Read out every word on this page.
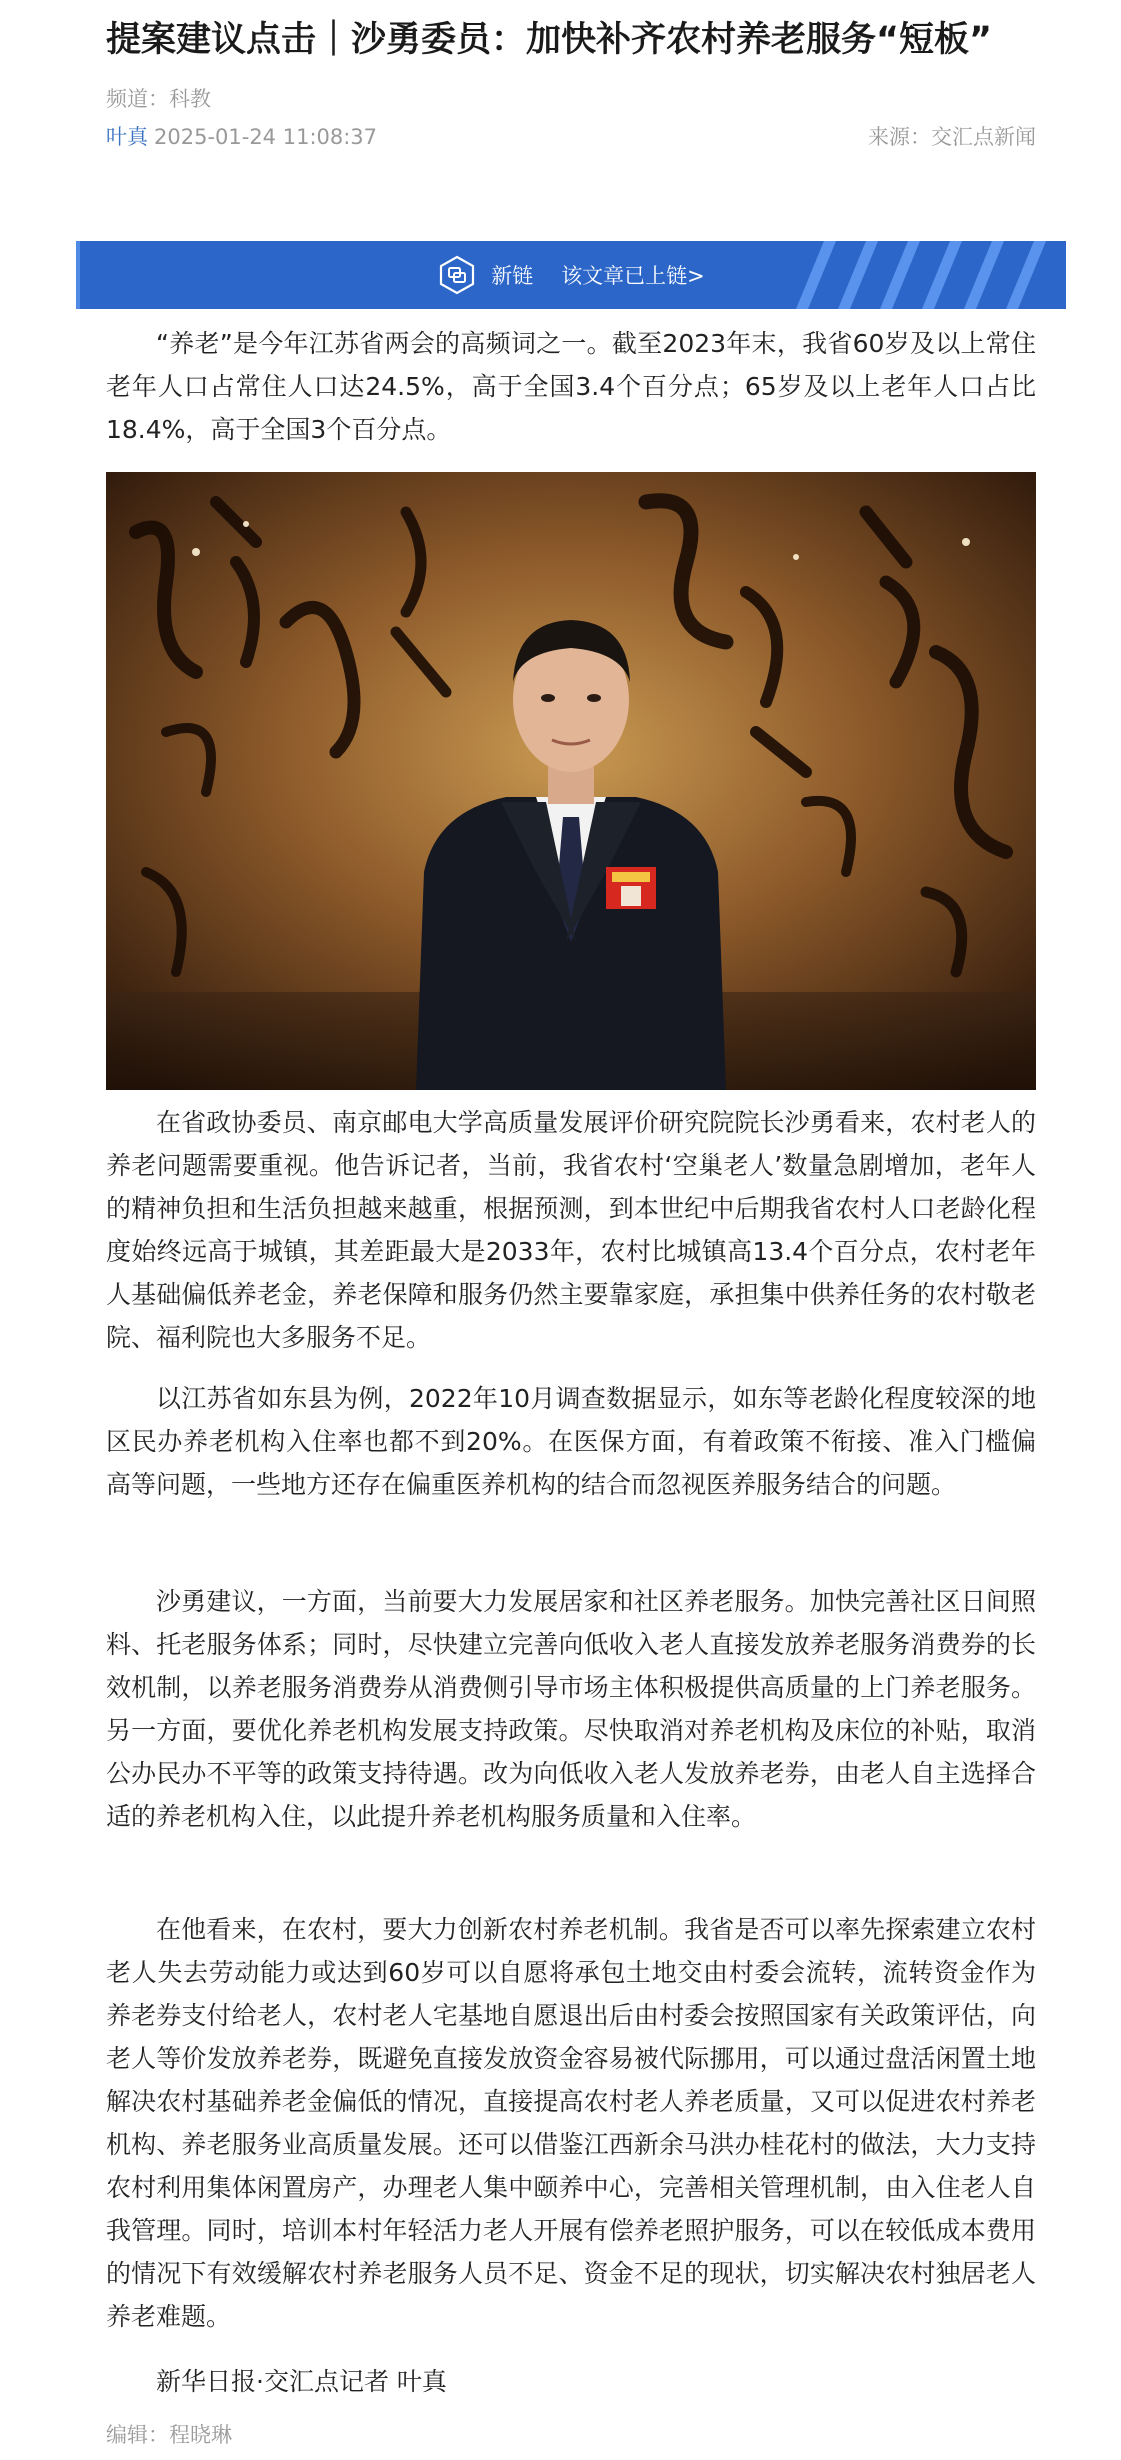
提案建议点击｜沙勇委员：加快补齐农村养老服务“短板”
频道：科教
叶真 2025-01-24 11:08:37	来源：交汇点新闻
新链 该文章已上链>

“养老”是今年江苏省两会的高频词之一。截至2023年末，我省60岁及以上常住老年人口占常住人口达24.5%，高于全国3.4个百分点；65岁及以上老年人口占比18.4%，高于全国3个百分点。

在省政协委员、南京邮电大学高质量发展评价研究院院长沙勇看来，农村老人的养老问题需要重视。他告诉记者，当前，我省农村‘空巢老人’数量急剧增加，老年人的精神负担和生活负担越来越重，根据预测，到本世纪中后期我省农村人口老龄化程度始终远高于城镇，其差距最大是2033年，农村比城镇高13.4个百分点，农村老年人基础偏低养老金，养老保障和服务仍然主要靠家庭，承担集中供养任务的农村敬老院、福利院也大多服务不足。

以江苏省如东县为例，2022年10月调查数据显示，如东等老龄化程度较深的地区民办养老机构入住率也都不到20%。在医保方面，有着政策不衔接、准入门槛偏高等问题，一些地方还存在偏重医养机构的结合而忽视医养服务结合的问题。

沙勇建议，一方面，当前要大力发展居家和社区养老服务。加快完善社区日间照料、托老服务体系；同时，尽快建立完善向低收入老人直接发放养老服务消费券的长效机制，以养老服务消费券从消费侧引导市场主体积极提供高质量的上门养老服务。另一方面，要优化养老机构发展支持政策。尽快取消对养老机构及床位的补贴，取消公办民办不平等的政策支持待遇。改为向低收入老人发放养老券，由老人自主选择合适的养老机构入住，以此提升养老机构服务质量和入住率。

在他看来，在农村，要大力创新农村养老机制。我省是否可以率先探索建立农村老人失去劳动能力或达到60岁可以自愿将承包土地交由村委会流转，流转资金作为养老券支付给老人，农村老人宅基地自愿退出后由村委会按照国家有关政策评估，向老人等价发放养老券，既避免直接发放资金容易被代际挪用，可以通过盘活闲置土地解决农村基础养老金偏低的情况，直接提高农村老人养老质量，又可以促进农村养老机构、养老服务业高质量发展。还可以借鉴江西新余马洪办桂花村的做法，大力支持农村利用集体闲置房产，办理老人集中颐养中心，完善相关管理机制，由入住老人自我管理。同时，培训本村年轻活力老人开展有偿养老照护服务，可以在较低成本费用的情况下有效缓解农村养老服务人员不足、资金不足的现状，切实解决农村独居老人养老难题。

新华日报·交汇点记者 叶真

编辑：程晓琳
